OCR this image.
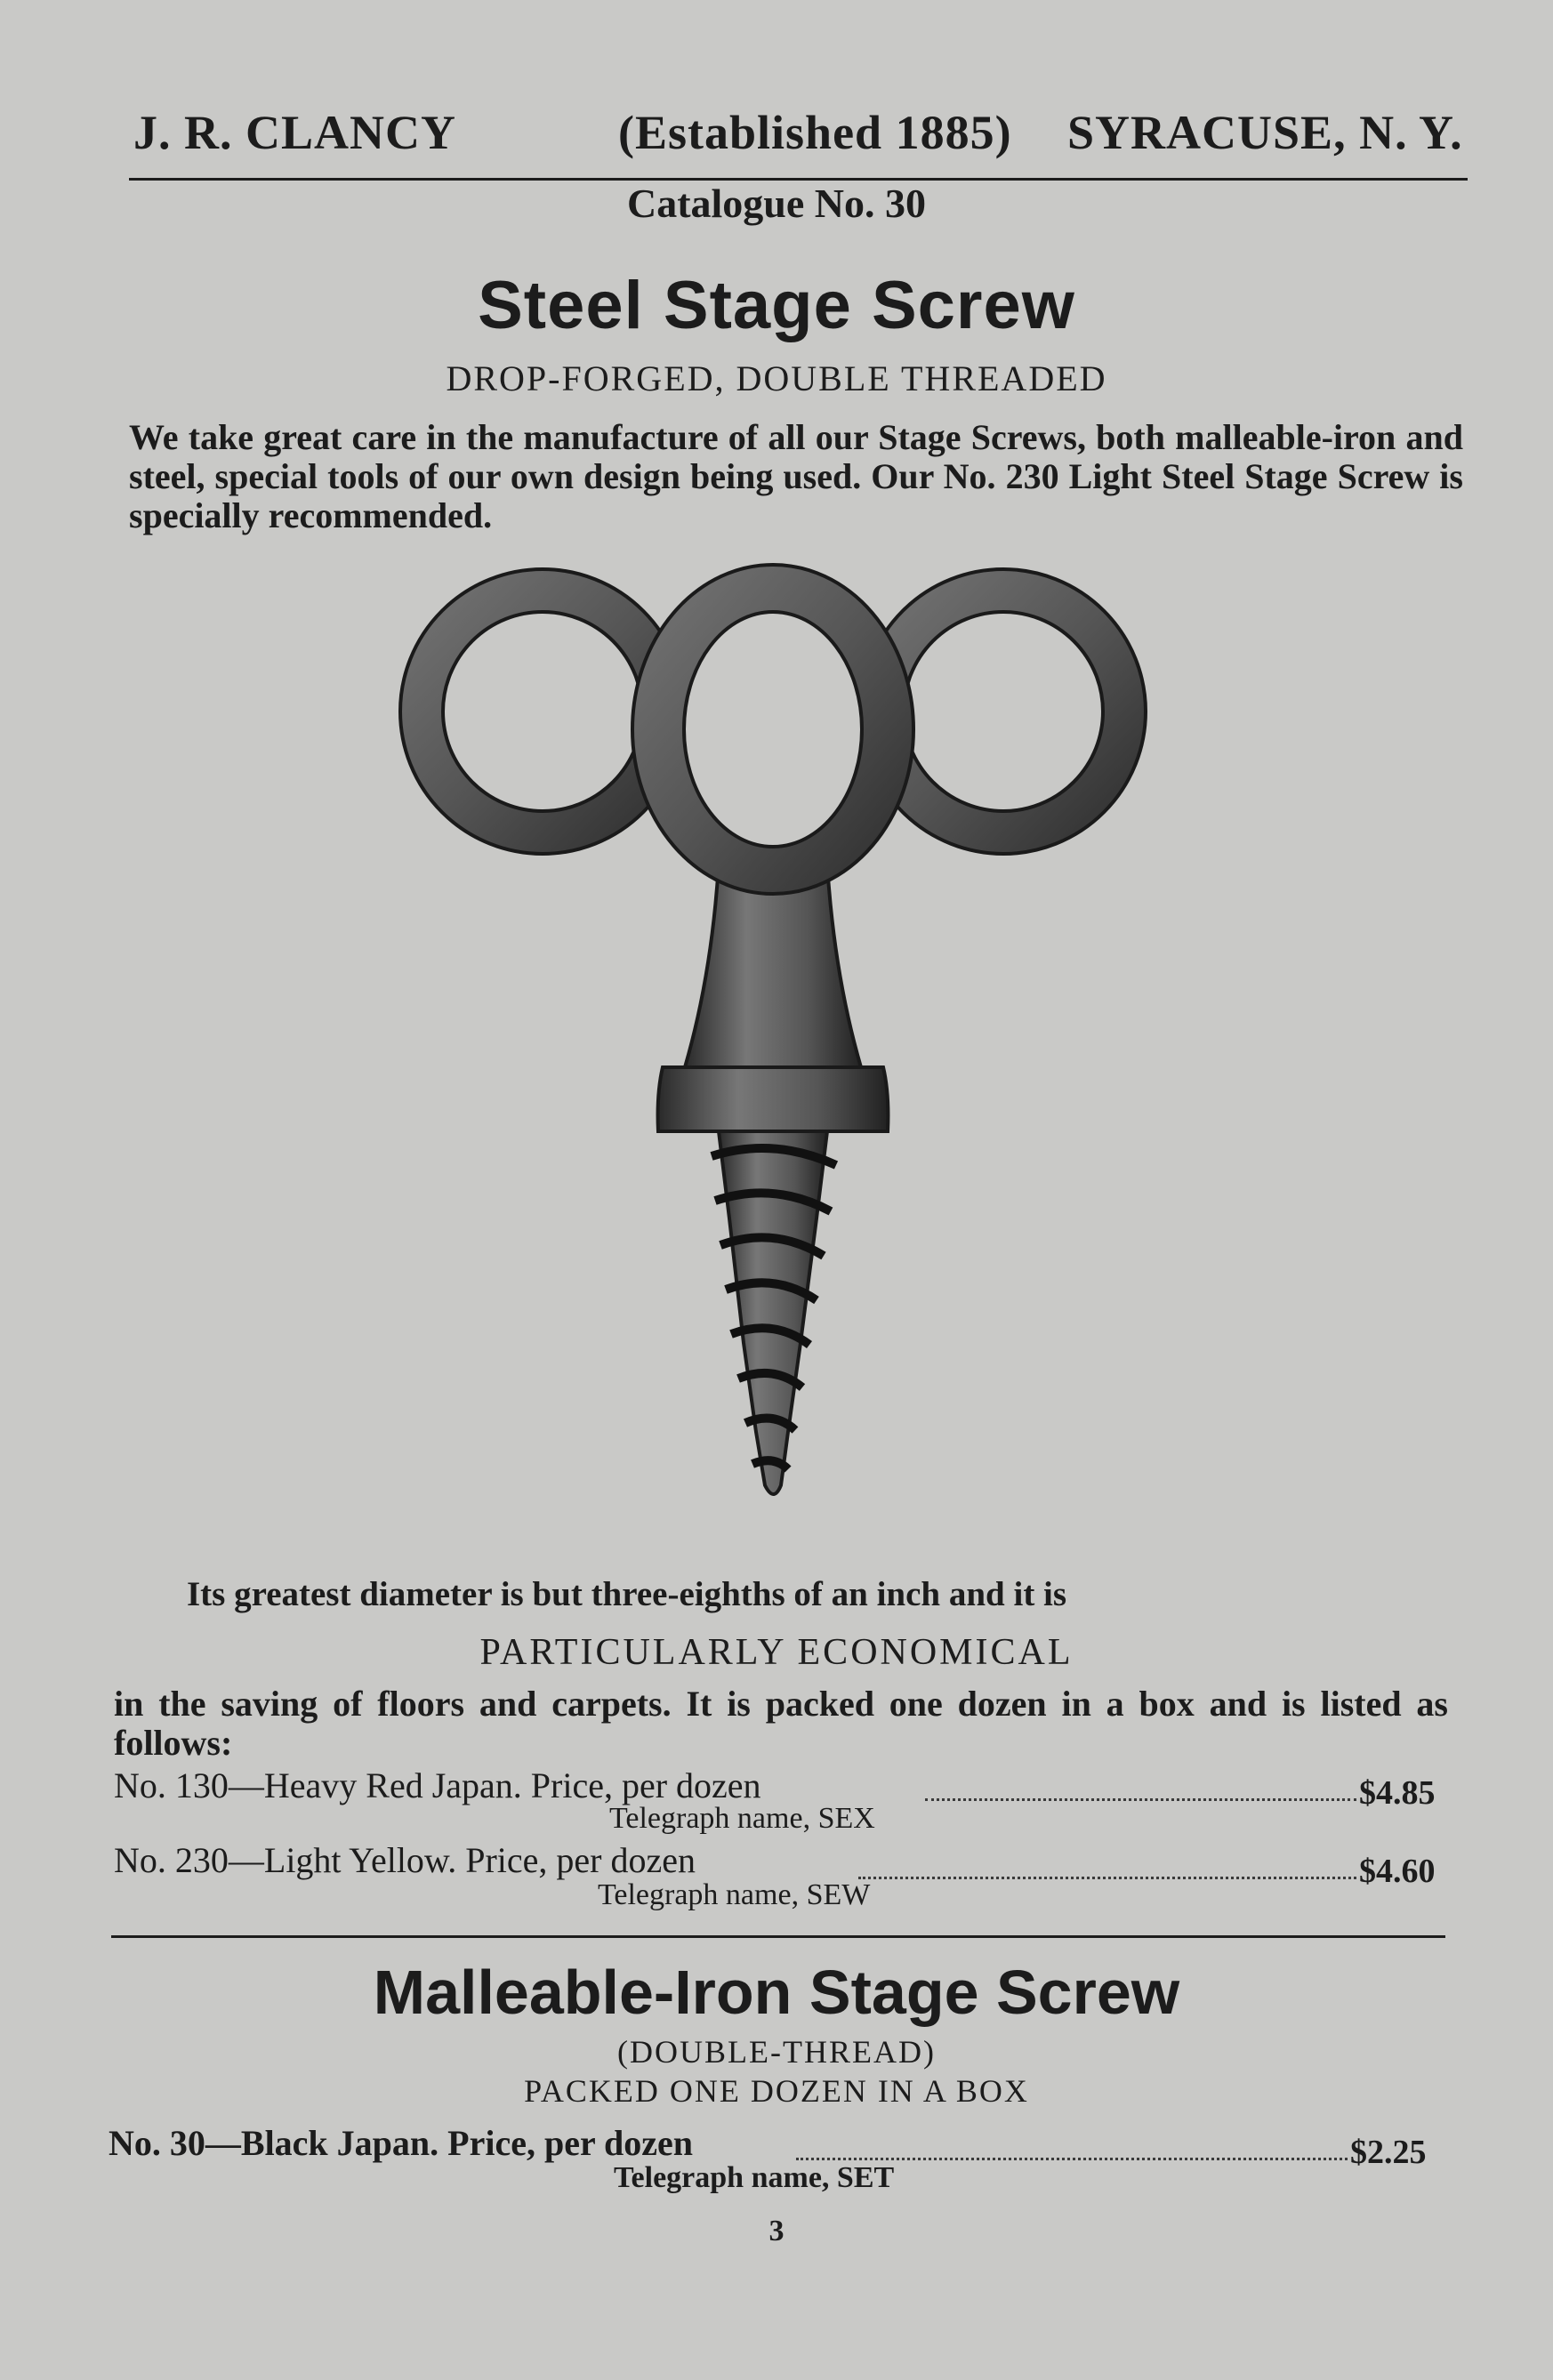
J. R. CLANCY	(Established 1885) SYRACUSE, N. Y.
Catalogue No. 30
Steel Stage Screw
DROP-FORGED, DOUBLE THREADED
We take great care in the manufacture of all our Stage Screws, both malleable-iron and steel, special tools of our own design being used. Our No. 230 Light Steel Stage Screw is specially recommended.
Its greatest diameter is but three-eighths of an inch and it is
PARTICULARLY ECONOMICAL
in the saving of floors and carpets. It is packed one dozen in a box and is listed as follows:
No. 130—Heavy Red Japan. Price, per dozen	$4.85
Telegraph name, SEX
No. 230—Light Yellow. Price, per dozen	$4.60
Telegraph name, SEW
Malleable-Iron Stage Screw
(DOUBLE-THREAD)
PACKED ONE DOZEN IN A BOX
No. 30—Black Japan. Price, per dozen	$2.25
Telegraph name, SET
3
